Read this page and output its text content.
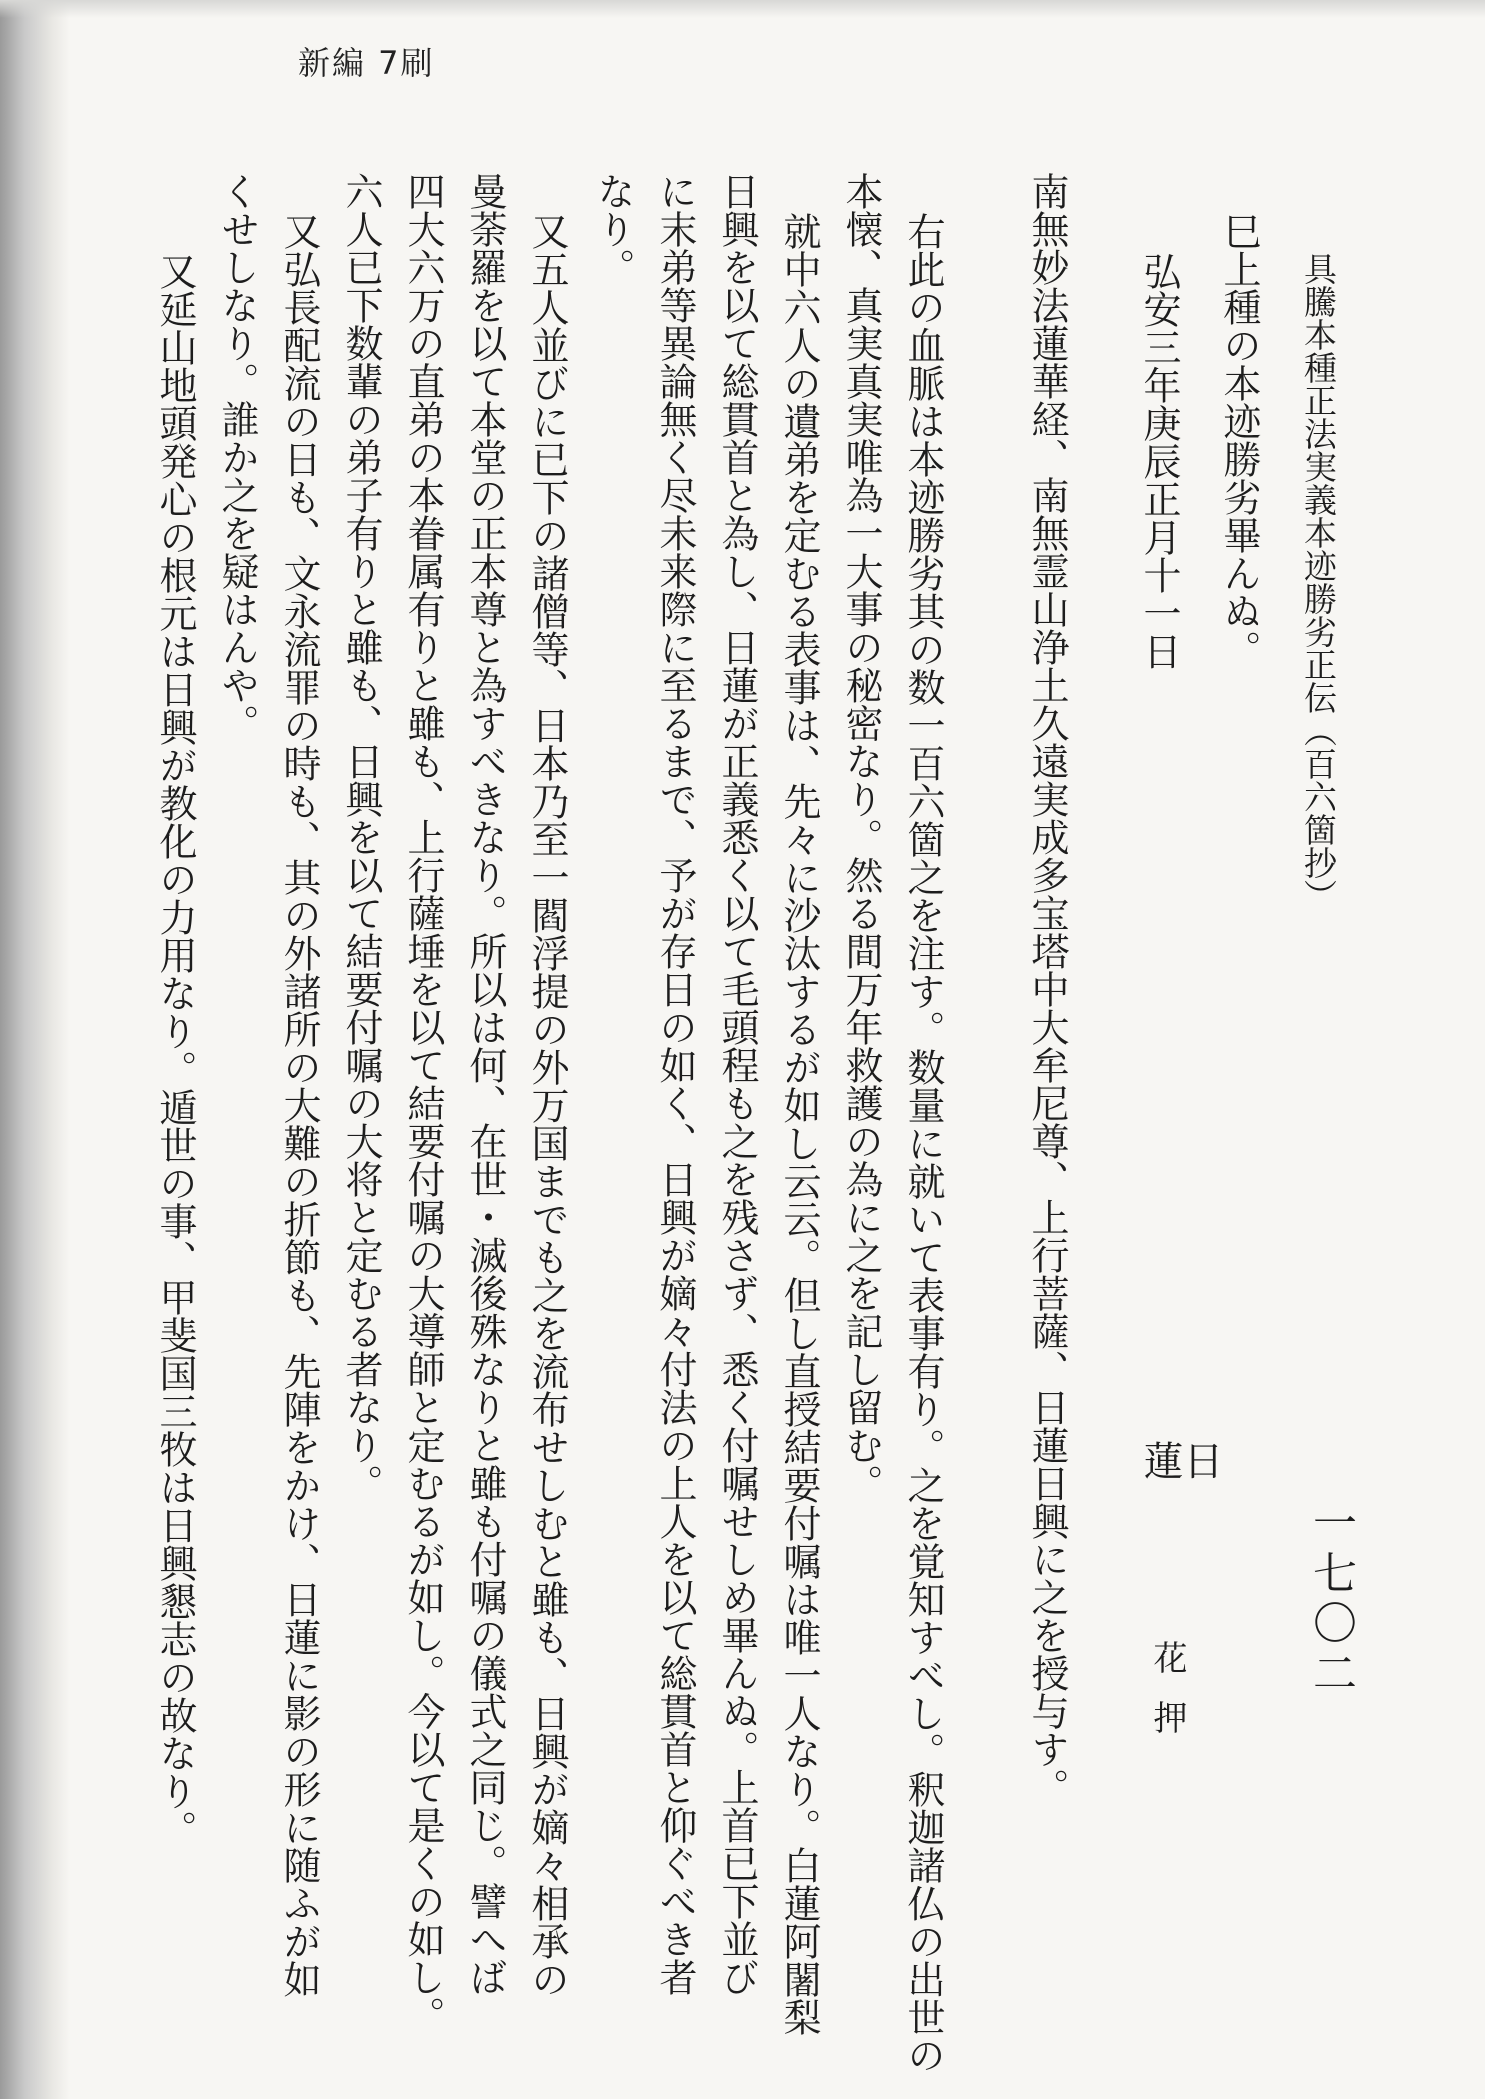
新編 7刷
具騰本種正法実義本迹勝劣正伝（百六箇抄）
一七〇二
巳上種の本迹勝劣畢んぬ。
弘安三年庚辰正月十一日
日
蓮
花押
南無妙法蓮華経、南無霊山浄土久遠実成多宝塔中大牟尼尊、上行菩薩、日蓮日興に之を授与す。
右此の血脈は本迹勝劣其の数一百六箇之を注す。数量に就いて表事有り。之を覚知すべし。釈迦諸仏の出世の
本懐、真実真実唯為一大事の秘密なり。然る間万年救護の為に之を記し留む。
就中六人の遺弟を定むる表事は、先々に沙汰するが如し云云。但し直授結要付嘱は唯一人なり。白蓮阿闍梨
日興を以て総貫首と為し、日蓮が正義悉く以て毛頭程も之を残さず、悉く付嘱せしめ畢んぬ。上首已下並び
に末弟等異論無く尽未来際に至るまで、予が存日の如く、日興が嫡々付法の上人を以て総貫首と仰ぐべき者
なり。
又五人並びに已下の諸僧等、日本乃至一閻浮提の外万国までも之を流布せしむと雖も、日興が嫡々相承の
曼荼羅を以て本堂の正本尊と為すべきなり。所以は何、在世・滅後殊なりと雖も付嘱の儀式之同じ。譬へば
四大六万の直弟の本眷属有りと雖も、上行薩埵を以て結要付嘱の大導師と定むるが如し。今以て是くの如し。
六人已下数輩の弟子有りと雖も、日興を以て結要付嘱の大将と定むる者なり。
又弘長配流の日も、文永流罪の時も、其の外諸所の大難の折節も、先陣をかけ、日蓮に影の形に随ふが如
くせしなり。誰か之を疑はんや。
又延山地頭発心の根元は日興が教化の力用なり。遁世の事、甲斐国三牧は日興懇志の故なり。
